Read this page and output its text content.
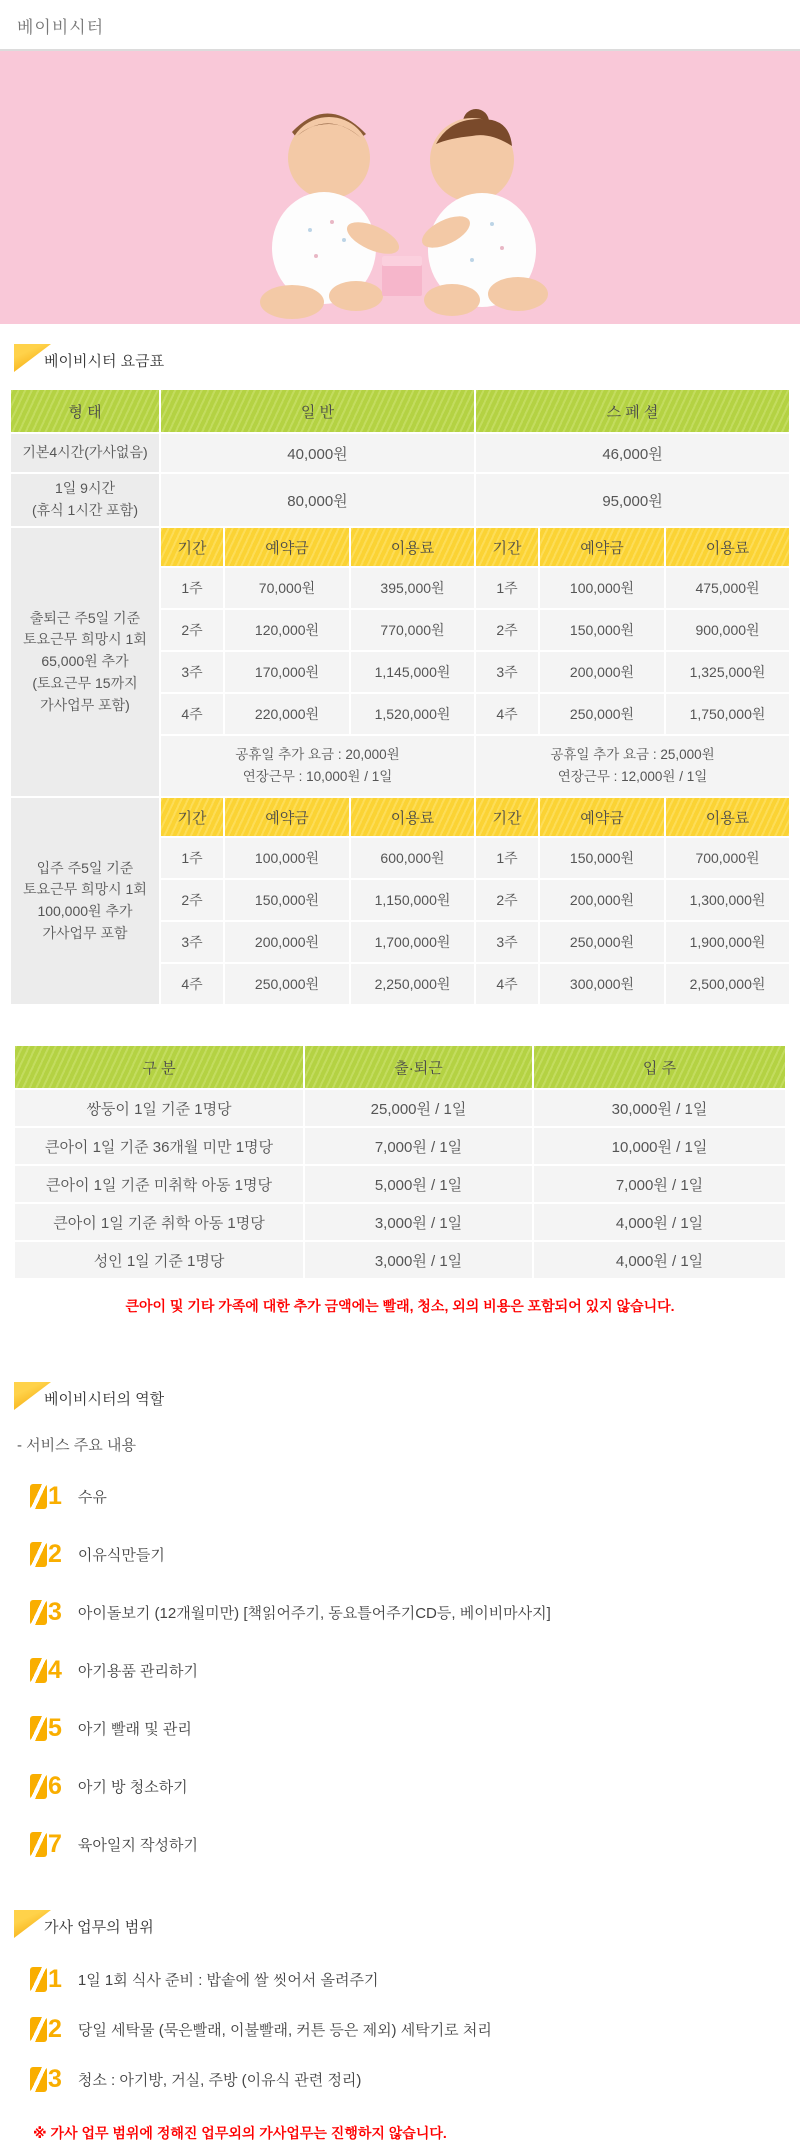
베이비시터
베이비시터 요금표
형 태	일 반			스 페 셜		
기본4시간(가사없음)	40,000원			46,000원		

1일 9시간
(휴식 1시간 포함)	80,000원			95,000원		

출퇴근 주5일 기준
토요근무 희망시 1회
65,000원 추가
(토요근무 15까지
가사업무 포함)	기간	예약금	이용료	기간	예약금	이용료
	1주	70,000원	395,000원	1주	100,000원	475,000원
	2주	120,000원	770,000원	2주	150,000원	900,000원
	3주	170,000원	1,145,000원	3주	200,000원	1,325,000원
	4주	220,000원	1,520,000원	4주	250,000원	1,750,000원

공휴일 추가 요금 : 20,000원
연장근무 : 10,000원 / 1일

공휴일 추가 요금 : 25,000원
연장근무 : 12,000원 / 1일

입주 주5일 기준
토요근무 희망시 1회
100,000원 추가
가사업무 포함	기간	예약금	이용료	기간	예약금	이용료
	1주	100,000원	600,000원	1주	150,000원	700,000원
	2주	150,000원	1,150,000원	2주	200,000원	1,300,000원
	3주	200,000원	1,700,000원	3주	250,000원	1,900,000원
	4주	250,000원	2,250,000원	4주	300,000원	2,500,000원
구 분	출·퇴근	입 주
쌍둥이 1일 기준 1명당	25,000원 / 1일	30,000원 / 1일
큰아이 1일 기준 36개월 미만 1명당	7,000원 / 1일	10,000원 / 1일
큰아이 1일 기준 미취학 아동 1명당	5,000원 / 1일	7,000원 / 1일
큰아이 1일 기준 취학 아동 1명당	3,000원 / 1일	4,000원 / 1일
성인 1일 기준 1명당	3,000원 / 1일	4,000원 / 1일
큰아이 및 기타 가족에 대한 추가 금액에는 빨래, 청소, 외의 비용은 포함되어 있지 않습니다.
베이비시터의 역할
- 서비스 주요 내용
1 수유
2 이유식만들기
3 아이돌보기 (12개월미만) [책읽어주기, 동요틀어주기CD등, 베이비마사지]
4 아기용품 관리하기
5 아기 빨래 및 관리
6 아기 방 청소하기
7 육아일지 작성하기
가사 업무의 범위
1 1일 1회 식사 준비 : 밥솥에 쌀 씻어서 올려주기
2 당일 세탁물 (묵은빨래, 이불빨래, 커튼 등은 제외) 세탁기로 처리
3 청소 : 아기방, 거실, 주방 (이유식 관련 정리)
※ 가사 업무 범위에 정해진 업무외의 가사업무는 진행하지 않습니다.
